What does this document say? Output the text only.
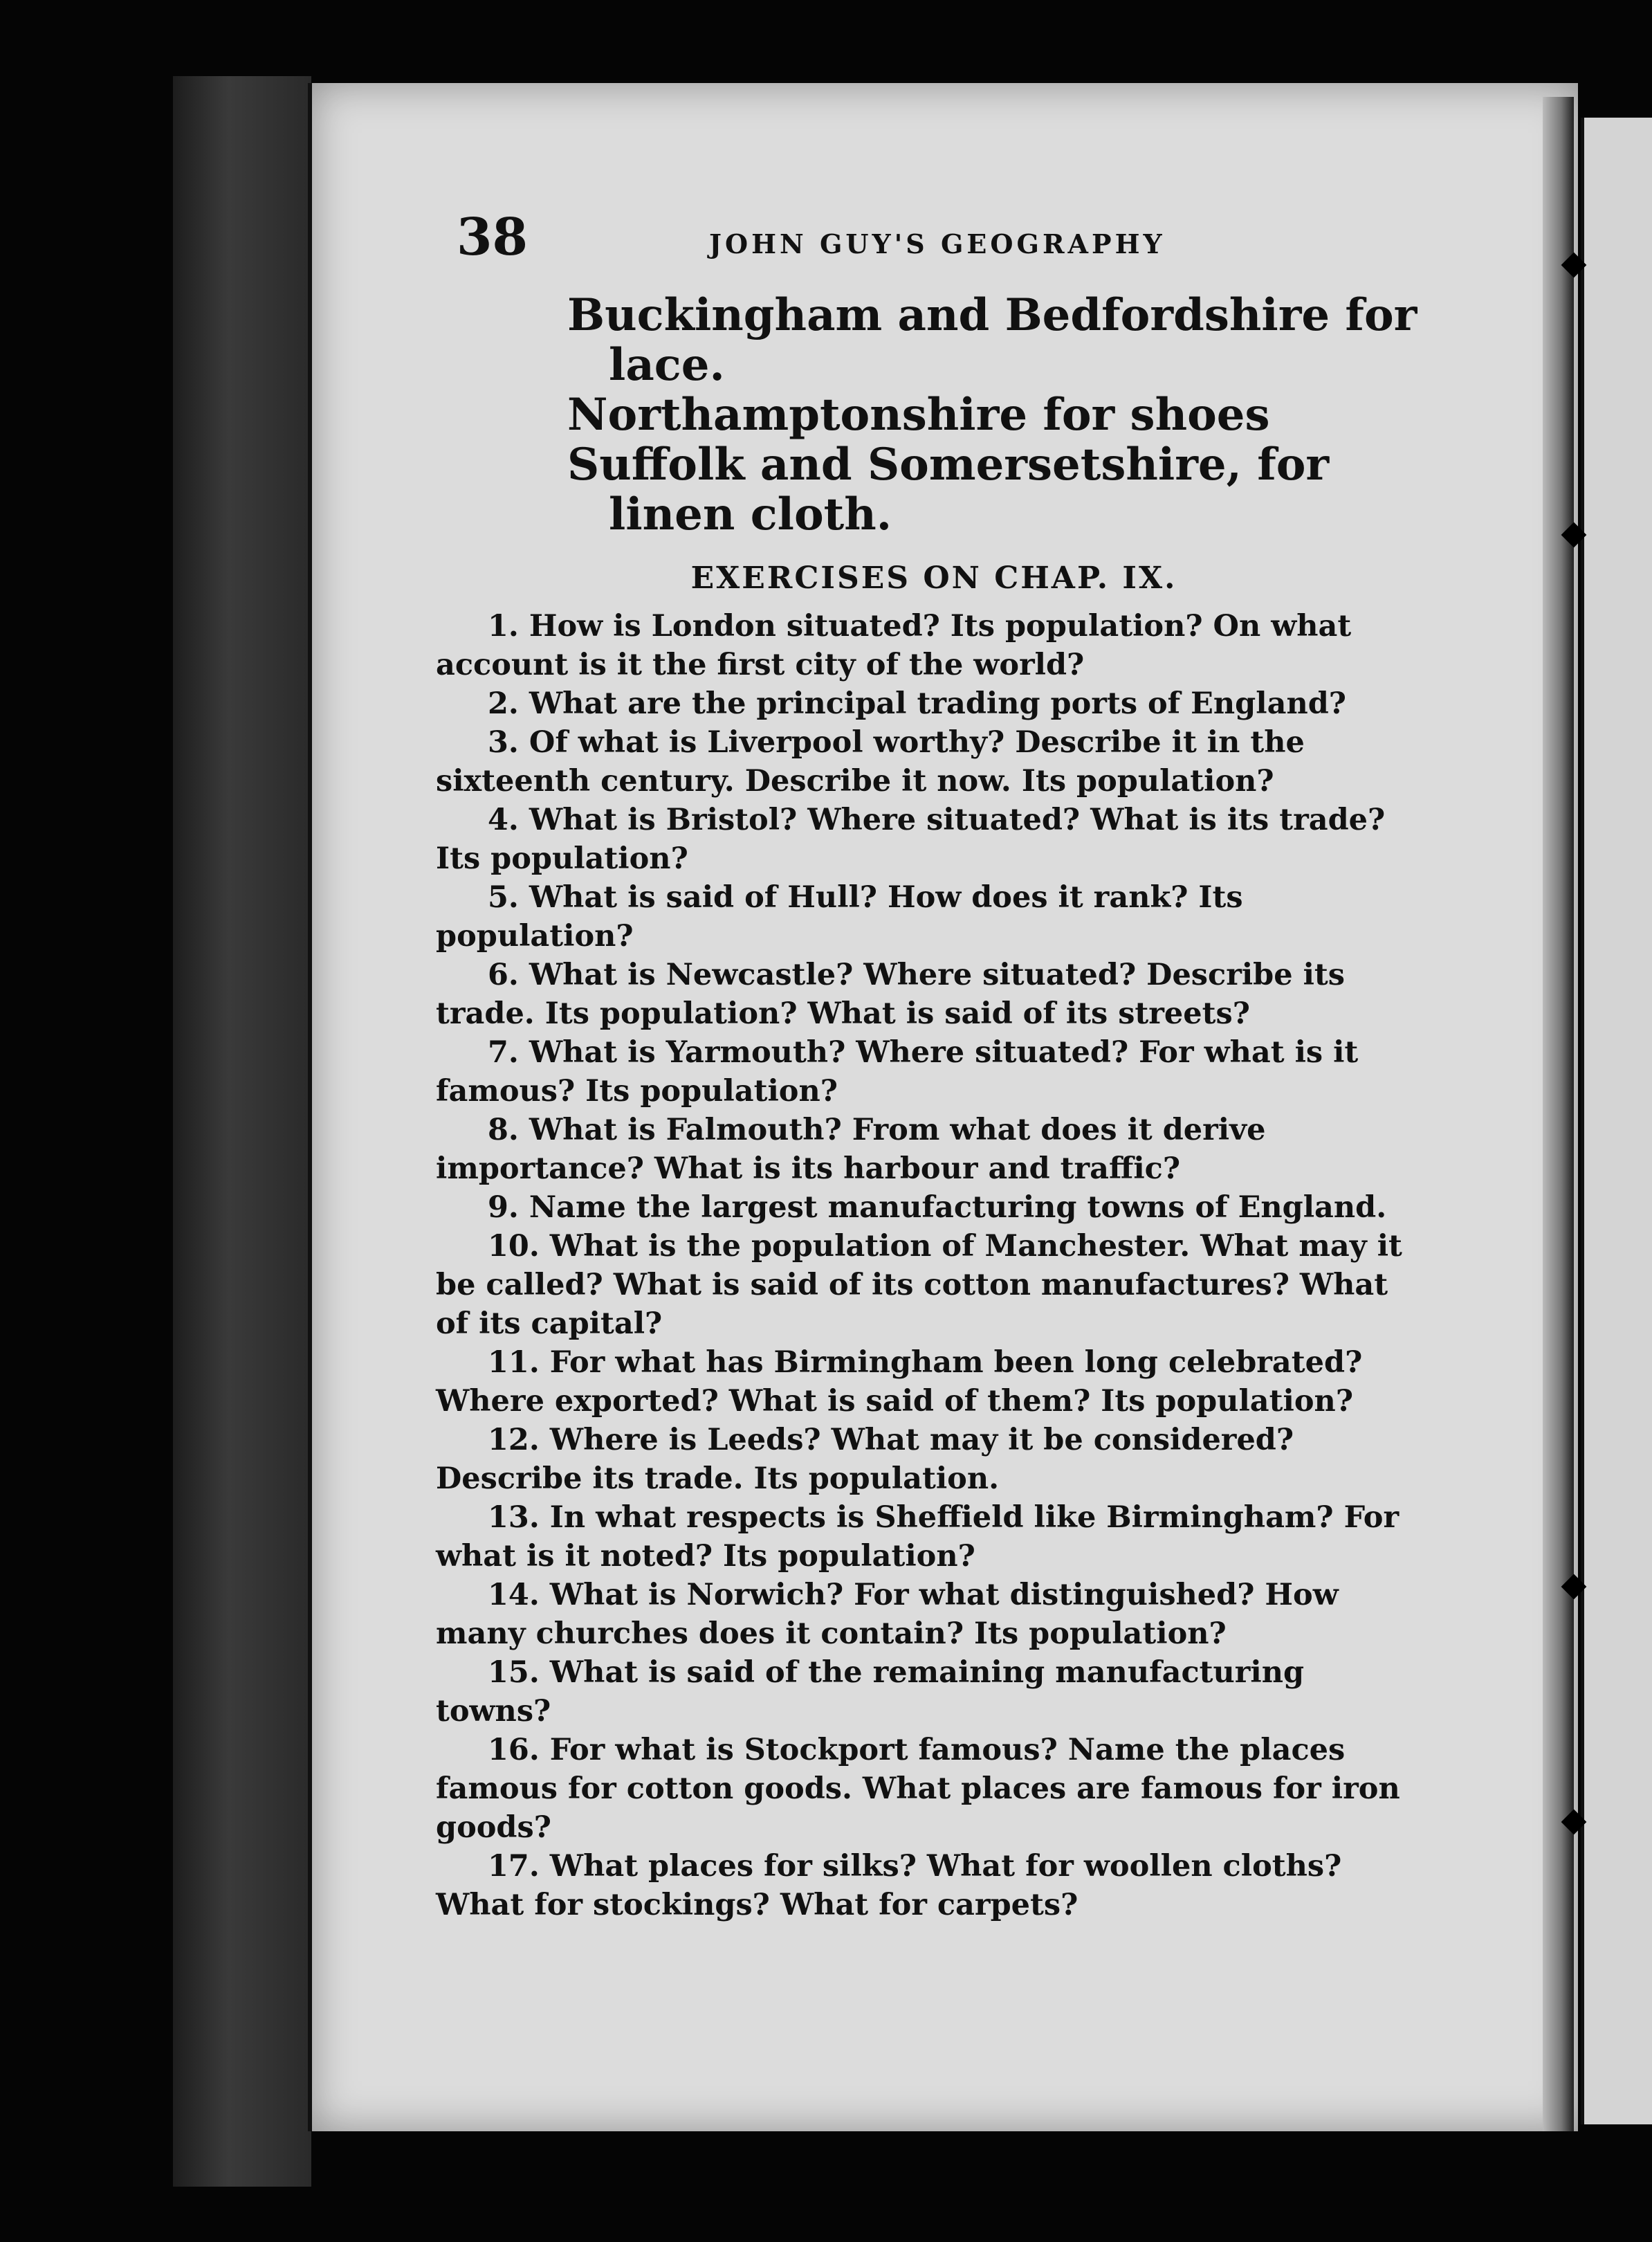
38	JOHN GUY'S GEOGRAPHY

Buckingham and Bedfordshire for lace.

Northamptonshire for shoes

Suffolk and Somersetshire, for linen cloth.

EXERCISES ON CHAP. IX.

1. How is London situated? Its population? On what account is it the first city of the world?

2. What are the principal trading ports of England?

3. Of what is Liverpool worthy? Describe it in the sixteenth century. Describe it now. Its population?

4. What is Bristol? Where situated? What is its trade? Its population?

5. What is said of Hull? How does it rank? Its population?

6. What is Newcastle? Where situated? Describe its trade. Its population? What is said of its streets?

7. What is Yarmouth? Where situated? For what is it famous? Its population?

8. What is Falmouth? From what does it derive importance? What is its harbour and traffic?

9. Name the largest manufacturing towns of England.

10. What is the population of Manchester. What may it be called? What is said of its cotton manufactures? What of its capital?

11. For what has Birmingham been long celebrated? Where exported? What is said of them? Its population?

12. Where is Leeds? What may it be considered? Describe its trade. Its population.

13. In what respects is Sheffield like Birmingham? For what is it noted? Its population?

14. What is Norwich? For what distinguished? How many churches does it contain? Its population?

15. What is said of the remaining manufacturing towns?

16. For what is Stockport famous? Name the places famous for cotton goods. What places are famous for iron goods?

17. What places for silks? What for woollen cloths? What for stockings? What for carpets?
